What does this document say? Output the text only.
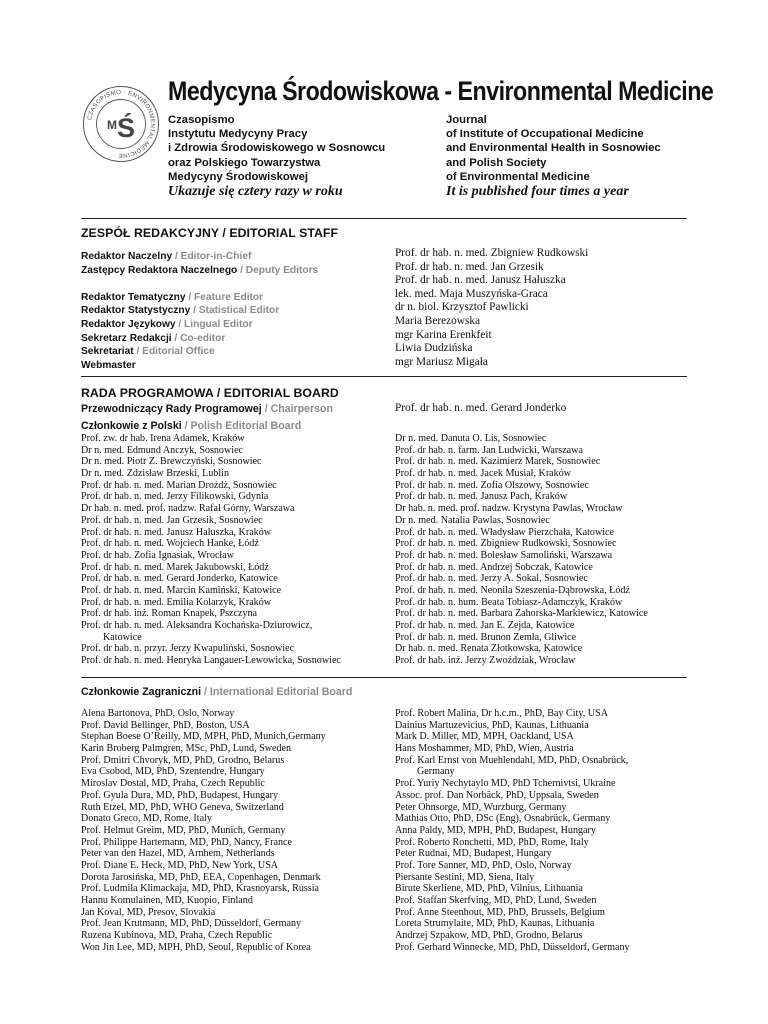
CZASOPISMO · ENVIRONMENTAL MEDICINE ·
M Ś
Medycyna Środowiskowa - Environmental Medicine
Czasopismo
Instytutu Medycyny Pracy
i Zdrowia Środowiskowego w Sosnowcu
oraz Polskiego Towarzystwa
Medycyny Środowiskowej
Ukazuje się cztery razy w roku
Journal
of Institute of Occupational Medicine
and Environmental Health in Sosnowiec
and Polish Society
of Environmental Medicine
It is published four times a year
ZESPÓŁ REDAKCYJNY / EDITORIAL STAFF
Redaktor Naczelny / Editor-in-Chief
Zastępcy Redaktora Naczelnego / Deputy Editors
Redaktor Tematyczny / Feature Editor
Redaktor Statystyczny / Statistical Editor
Redaktor Językowy / Lingual Editor
Sekretarz Redakcji / Co-editor
Sekretariat / Editorial Office
Webmaster
Prof. dr hab. n. med. Zbigniew Rudkowski
Prof. dr hab. n. med. Jan Grzesik
Prof. dr hab. n. med. Janusz Hałuszka
lek. med. Maja Muszyńska-Graca
dr n. biol. Krzysztof Pawlicki
Maria Berezowska
mgr Karina Erenkfeit
Liwia Dudzińska
mgr Mariusz Migała
RADA PROGRAMOWA / EDITORIAL BOARD
Przewodniczący Rady Programowej / Chairperson	Prof. dr hab. n. med. Gerard Jonderko
Członkowie z Polski / Polish Editorial Board
Prof. zw. dr hab. Irena Adamek, Kraków
Dr n. med. Edmund Anczyk, Sosnowiec
Dr n. med. Piotr Z. Brewczyński, Sosnowiec
Dr n. med. Zdzisław Brzeski, Lublin
Prof. dr hab. n. med. Marian Drożdż, Sosnowiec
Prof. dr hab. n. med. Jerzy Filikowski, Gdynia
Dr hab. n. med. prof. nadzw. Rafał Górny, Warszawa
Prof. dr hab. n. med. Jan Grzesik, Sosnowiec
Prof. dr hab. n. med. Janusz Hałuszka, Kraków
Prof. dr hab. n. med. Wojciech Hanke, Łódź
Prof. dr hab. Zofia Ignasiak, Wrocław
Prof. dr hab. n. med. Marek Jakubowski, Łódź
Prof. dr hab. n. med. Gerard Jonderko, Katowice
Prof. dr hab. n. med. Marcin Kamiński, Katowice
Prof. dr hab. n. med. Emilia Kolarzyk, Kraków
Prof. dr hab. inż. Roman Knapek, Pszczyna
Prof. dr hab. n. med. Aleksandra Kochańska-Dziurowicz,
Katowice
Prof. dr hab. n. przyr. Jerzy Kwapuliński, Sosnowiec
Prof. dr hab. n. med. Henryka Langauer-Lewowicka, Sosnowiec
Dr n. med. Danuta O. Lis, Sosnowiec
Prof. dr hab. n. farm. Jan Ludwicki, Warszawa
Prof. dr hab. n. med. Kazimierz Marek, Sosnowiec
Prof. dr hab. n. med. Jacek Musiał, Kraków
Prof. dr hab. n. med. Zofia Olszowy, Sosnowiec
Prof. dr hab. n. med. Janusz Pach, Kraków
Dr hab. n. med. prof. nadzw. Krystyna Pawlas, Wrocław
Dr n. med. Natalia Pawlas, Sosnowiec
Prof. dr hab. n. med. Władysław Pierzchała, Katowice
Prof. dr hab. n. med. Zbigniew Rudkowski, Sosnowiec
Prof. dr hab. n. med. Bolesław Samoliński, Warszawa
Prof. dr hab. n. med. Andrzej Sobczak, Katowice
Prof. dr hab. n. med. Jerzy A. Sokal, Sosnowiec
Prof. dr hab. n. med. Neonila Szeszenia-Dąbrowska, Łódź
Prof. dr hab. n. hum. Beata Tobiasz-Adamczyk, Kraków
Prof. dr hab. n. med. Barbara Zahorska-Markiewicz, Katowice
Prof. dr hab. n. med. Jan E. Zejda, Katowice
Prof. dr hab. n. med. Brunon Zemła, Gliwice
Dr hab. n. med. Renata Złotkowska, Katowice
Prof. dr hab. inż. Jerzy Zwoździak, Wrocław
Członkowie Zagraniczni / International Editorial Board
Alena Bartonova, PhD, Oslo, Norway
Prof. David Bellinger, PhD, Boston, USA
Stephan Boese O’Reilly, MD, MPH, PhD, Munich,Germany
Karin Broberg Palmgren, MSc, PhD, Lund, Sweden
Prof. Dmitri Chvoryk, MD, PhD, Grodno, Belarus
Eva Csobod, MD, PhD, Szentendre, Hungary
Miroslav Dostal, MD, Praha, Czech Republic
Prof. Gyula Dura, MD, PhD, Budapest, Hungary
Ruth Etzel, MD, PhD, WHO Geneva, Switzerland
Donato Greco, MD, Rome, Italy
Prof. Helmut Greim, MD, PhD, Munich, Germany
Prof. Philippe Hartemann, MD, PhD, Nancy, France
Peter van den Hazel, MD, Arnhem, Netherlands
Prof. Diane E. Heck, MD, PhD, New York, USA
Dorota Jarosińska, MD, PhD, EEA, Copenhagen, Denmark
Prof. Ludmiła Klimackaja, MD, PhD, Krasnoyarsk, Russia
Hannu Komulainen, MD, Kuopio, Finland
Jan Koval, MD, Presov, Slovakia
Prof. Jean Krutmann, MD, PhD, Düsseldorf, Germany
Ruzena Kubinova, MD, Praha, Czech Republic
Won Jin Lee, MD, MPH, PhD, Seoul, Republic of Korea
Prof. Robert Malina, Dr h.c.m., PhD, Bay City, USA
Dainius Martuzevicius, PhD, Kaunas, Lithuania
Mark D. Miller, MD, MPH, Oackland, USA
Hans Moshammer, MD, PhD, Wien, Austria
Prof. Karl Ernst von Muehlendahl, MD, PhD, Osnabrück,
Germany
Prof. Yuriy Nechytaylo MD, PhD Tchernivtsi, Ukraine
Assoc. prof. Dan Norbäck, PhD, Uppsala, Sweden
Peter Ohnsorge, MD, Wurzburg, Germany
Mathias Otto, PhD, DSc (Eng), Osnabrück, Germany
Anna Paldy, MD, MPH, PhD, Budapest, Hungary
Prof. Roberto Ronchetti, MD, PhD, Rome, Italy
Peter Rudnai, MD, Budapest, Hungary
Prof. Tore Sanner, MD, PhD, Oslo, Norway
Piersante Sestini, MD, Siena, Italy
Birute Skerliene, MD, PhD, Vilnius, Lithuania
Prof. Staffan Skerfving, MD, PhD, Lund, Sweden
Prof. Anne Steenhout, MD, PhD, Brussels, Belgium
Loreta Strumylaite, MD, PhD, Kaunas, Lithuania
Andrzej Szpakow, MD, PhD, Grodno, Belarus
Prof. Gerhard Winnecke, MD, PhD, Düsseldorf, Germany
